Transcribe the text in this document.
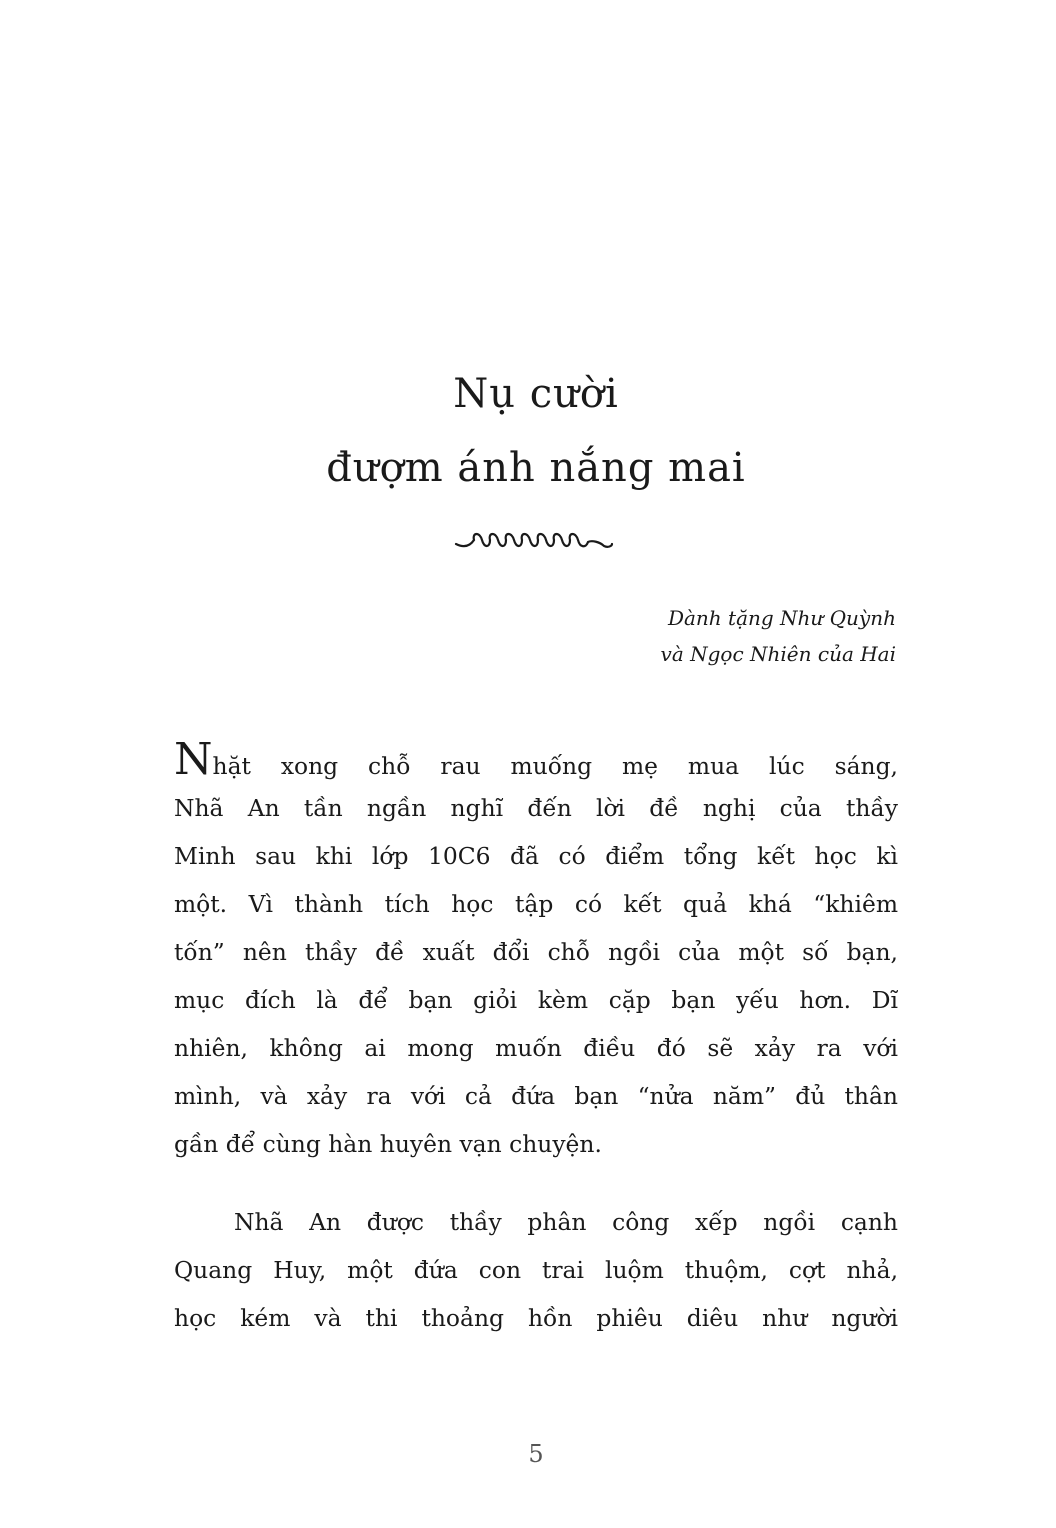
Nụ cười
đượm ánh nắng mai
Dành tặng Như Quỳnh
và Ngọc Nhiên của Hai
Nhặt xong chỗ rau muống mẹ mua lúc sáng,
Nhã An tần ngần nghĩ đến lời đề nghị của thầy
Minh sau khi lớp 10C6 đã có điểm tổng kết học kì
một. Vì thành tích học tập có kết quả khá “khiêm
tốn” nên thầy đề xuất đổi chỗ ngồi của một số bạn,
mục đích là để bạn giỏi kèm cặp bạn yếu hơn. Dĩ
nhiên, không ai mong muốn điều đó sẽ xảy ra với
mình, và xảy ra với cả đứa bạn “nửa năm” đủ thân
gần để cùng hàn huyên vạn chuyện.
Nhã An được thầy phân công xếp ngồi cạnh
Quang Huy, một đứa con trai luộm thuộm, cợt nhả,
học kém và thi thoảng hồn phiêu diêu như người
5
